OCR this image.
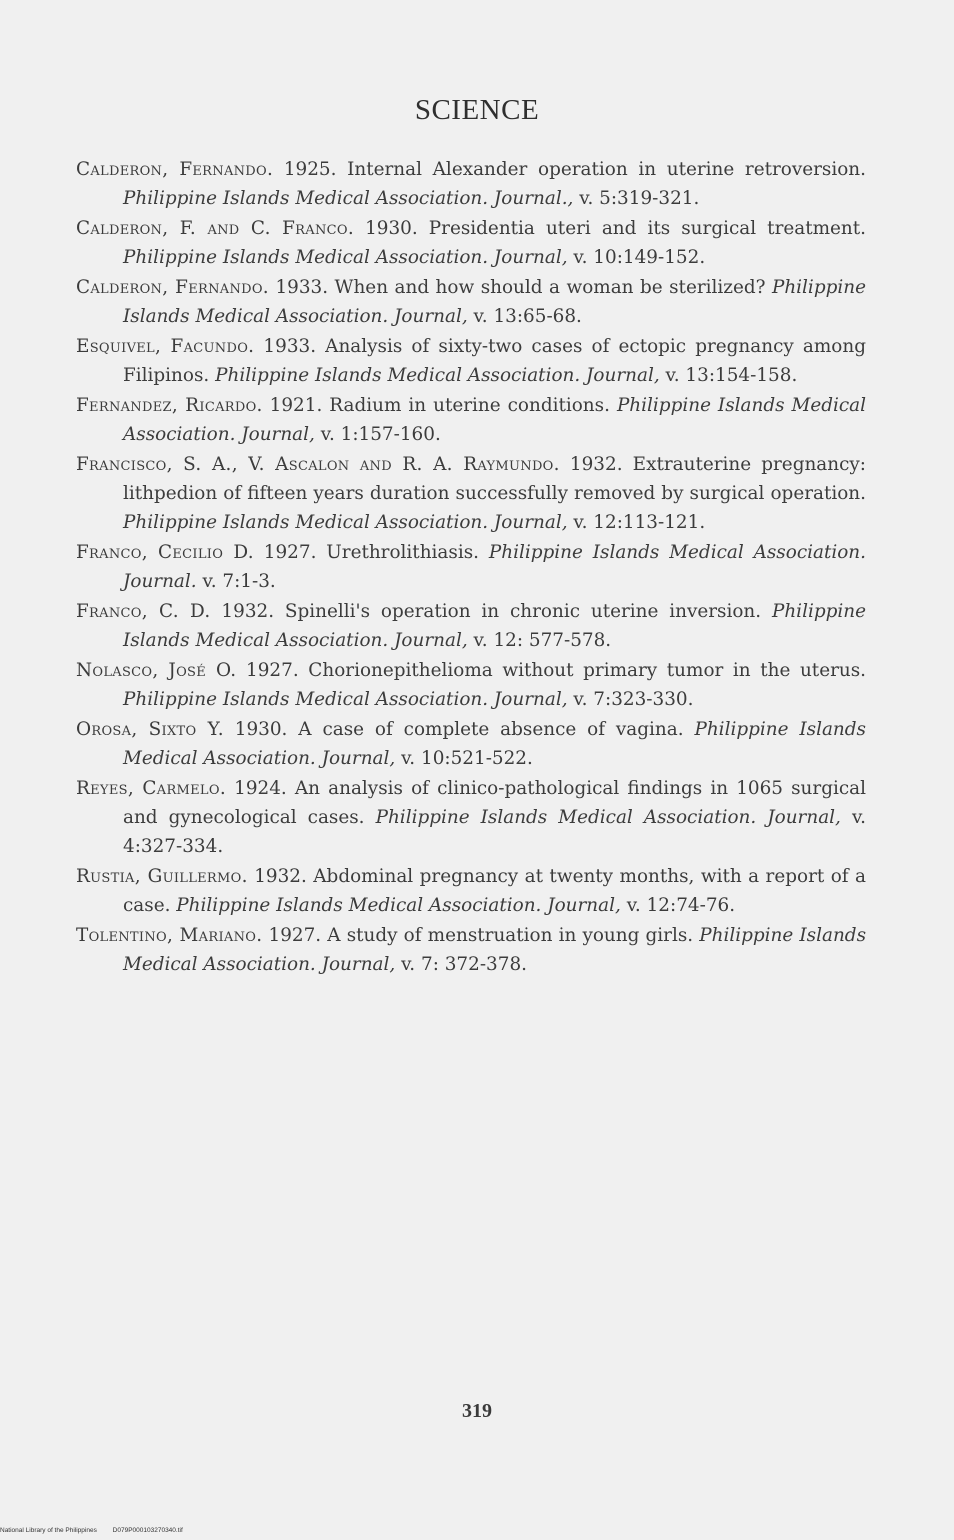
SCIENCE
Calderon, Fernando. 1925. Internal Alexander operation in uterine retroversion. Philippine Islands Medical Association. Journal., v. 5:319-321.
Calderon, F. and C. Franco. 1930. Presidentia uteri and its surgical treatment. Philippine Islands Medical Association. Journal, v. 10:149-152.
Calderon, Fernando. 1933. When and how should a woman be sterilized? Philippine Islands Medical Association. Journal, v. 13:65-68.
Esquivel, Facundo. 1933. Analysis of sixty-two cases of ectopic pregnancy among Filipinos. Philippine Islands Medical Association. Journal, v. 13:154-158.
Fernandez, Ricardo. 1921. Radium in uterine conditions. Philippine Islands Medical Association. Journal, v. 1:157-160.
Francisco, S. A., V. Ascalon and R. A. Raymundo. 1932. Extrauterine pregnancy: lithpedion of fifteen years duration successfully removed by surgical operation. Philippine Islands Medical Association. Journal, v. 12:113-121.
Franco, Cecilio D. 1927. Urethrolithiasis. Philippine Islands Medical Association. Journal. v. 7:1-3.
Franco, C. D. 1932. Spinelli's operation in chronic uterine inversion. Philippine Islands Medical Association. Journal, v. 12: 577-578.
Nolasco, José O. 1927. Chorionepithelioma without primary tumor in the uterus. Philippine Islands Medical Association. Journal, v. 7:323-330.
Orosa, Sixto Y. 1930. A case of complete absence of vagina. Philippine Islands Medical Association. Journal, v. 10:521-522.
Reyes, Carmelo. 1924. An analysis of clinico-pathological findings in 1065 surgical and gynecological cases. Philippine Islands Medical Association. Journal, v. 4:327-334.
Rustia, Guillermo. 1932. Abdominal pregnancy at twenty months, with a report of a case. Philippine Islands Medical Association. Journal, v. 12:74-76.
Tolentino, Mariano. 1927. A study of menstruation in young girls. Philippine Islands Medical Association. Journal, v. 7: 372-378.
319
National Library of the Philippines D079P000103270340.tif
